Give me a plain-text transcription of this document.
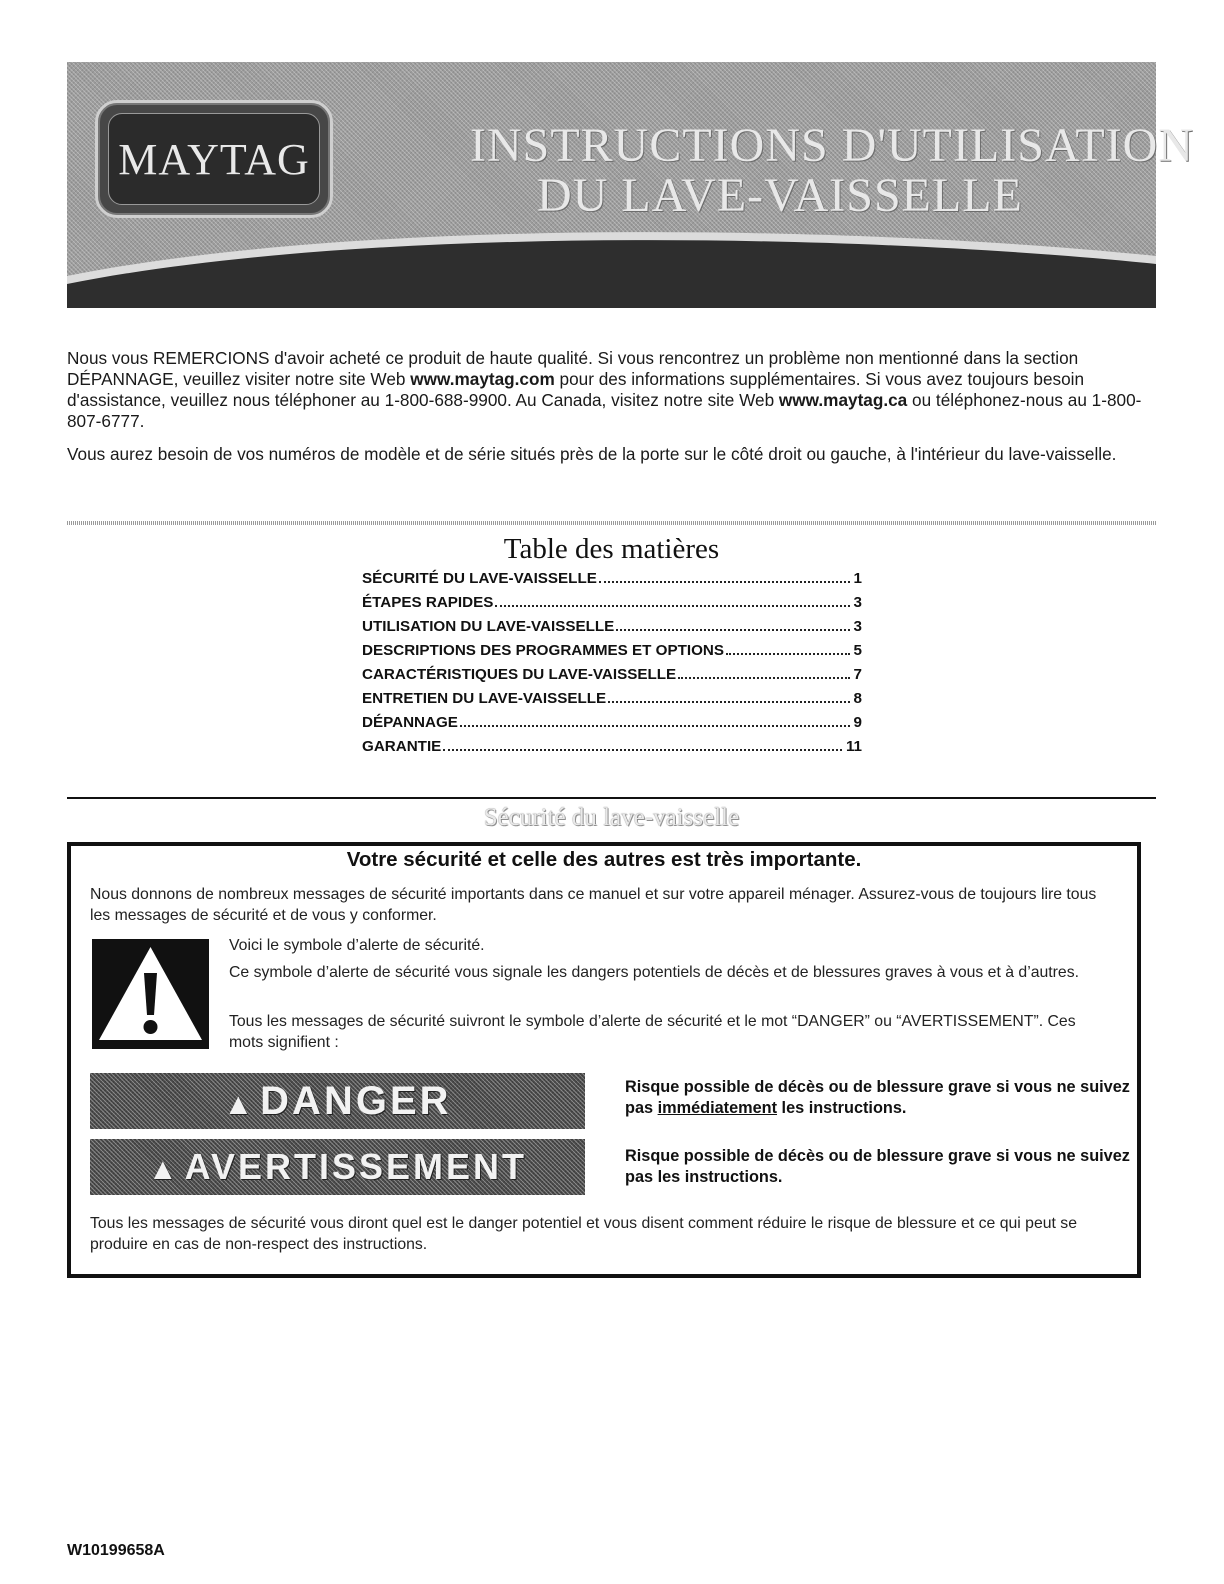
MAYTAG	INSTRUCTIONS D'UTILISATION
DU LAVE-VAISSELLE
Nous vous REMERCIONS d'avoir acheté ce produit de haute qualité. Si vous rencontrez un problème non mentionné dans la section DÉPANNAGE, veuillez visiter notre site Web www.maytag.com pour des informations supplémentaires. Si vous avez toujours besoin d'assistance, veuillez nous téléphoner au 1-800-688-9900. Au Canada, visitez notre site Web www.maytag.ca ou téléphonez-nous au 1-800-807-6777.
Vous aurez besoin de vos numéros de modèle et de série situés près de la porte sur le côté droit ou gauche, à l'intérieur du lave-vaisselle.
Table des matières
SÉCURITÉ DU LAVE-VAISSELLE	1
ÉTAPES RAPIDES	3
UTILISATION DU LAVE-VAISSELLE	3
DESCRIPTIONS DES PROGRAMMES ET OPTIONS	5
CARACTÉRISTIQUES DU LAVE-VAISSELLE	7
ENTRETIEN DU LAVE-VAISSELLE	8
DÉPANNAGE	9
GARANTIE	11
Sécurité du lave-vaisselle
Votre sécurité et celle des autres est très importante.
Nous donnons de nombreux messages de sécurité importants dans ce manuel et sur votre appareil ménager. Assurez-vous de toujours lire tous les messages de sécurité et de vous y conformer.
Voici le symbole d’alerte de sécurité.
Ce symbole d’alerte de sécurité vous signale les dangers potentiels de décès et de blessures graves à vous et à d’autres.
Tous les messages de sécurité suivront le symbole d’alerte de sécurité et le mot “DANGER” ou “AVERTISSEMENT”. Ces mots signifient :
▲ DANGER	Risque possible de décès ou de blessure grave si vous ne suivez pas immédiatement les instructions.
▲ AVERTISSEMENT	Risque possible de décès ou de blessure grave si vous ne suivez pas les instructions.
Tous les messages de sécurité vous diront quel est le danger potentiel et vous disent comment réduire le risque de blessure et ce qui peut se produire en cas de non-respect des instructions.
W10199658A
